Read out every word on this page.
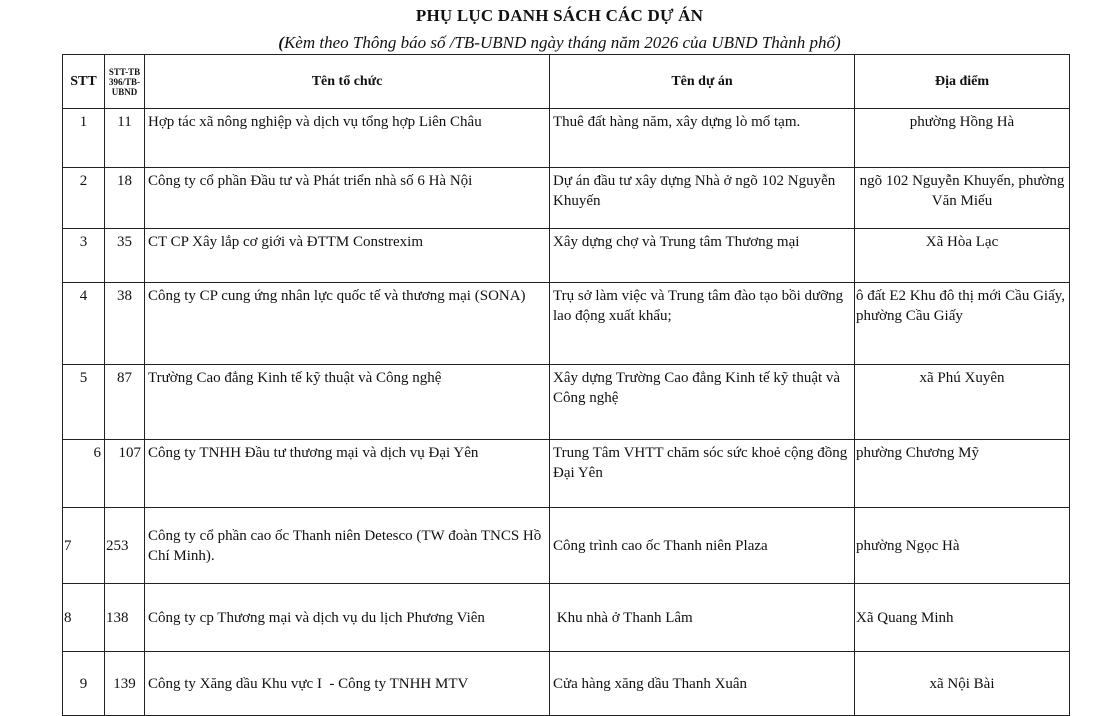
PHỤ LỤC DANH SÁCH CÁC DỰ ÁN
(Kèm theo Thông báo số /TB-UBND ngày tháng năm 2026 của UBND Thành phố)
STT	STT-TB 396/TB-UBND	Tên tổ chức	Tên dự án	Địa điểm
1	11	Hợp tác xã nông nghiệp và dịch vụ tổng hợp Liên Châu	Thuê đất hàng năm, xây dựng lò mổ tạm.	phường Hồng Hà
2	18	Công ty cổ phần Đầu tư và Phát triển nhà số 6 Hà Nội	Dự án đầu tư xây dựng Nhà ở ngõ 102 Nguyễn Khuyến	ngõ 102 Nguyễn Khuyến, phường Văn Miếu
3	35	CT CP Xây lắp cơ giới và ĐTTM Constrexim	Xây dựng chợ và Trung tâm Thương mại	Xã Hòa Lạc
4	38	Công ty CP cung ứng nhân lực quốc tế và thương mại (SONA)	Trụ sở làm việc và Trung tâm đào tạo bồi dưỡng lao động xuất khẩu;	ô đất E2 Khu đô thị mới Cầu Giấy, phường Cầu Giấy
5	87	Trường Cao đẳng Kinh tế kỹ thuật và Công nghệ	Xây dựng Trường Cao đẳng Kinh tế kỹ thuật và Công nghệ	xã Phú Xuyên
6	107	Công ty TNHH Đầu tư thương mại và dịch vụ Đại Yên	Trung Tâm VHTT chăm sóc sức khoẻ cộng đồng Đại Yên	phường Chương Mỹ
7	253	Công ty cổ phần cao ốc Thanh niên Detesco (TW đoàn TNCS Hồ Chí Minh).	Công trình cao ốc Thanh niên Plaza	phường Ngọc Hà
8	138	Công ty cp Thương mại và dịch vụ du lịch Phương Viên	Khu nhà ở Thanh Lâm	Xã Quang Minh
9	139	Công ty Xăng dầu Khu vực I  - Công ty TNHH MTV	Cửa hàng xăng dầu Thanh Xuân	xã Nội Bài
